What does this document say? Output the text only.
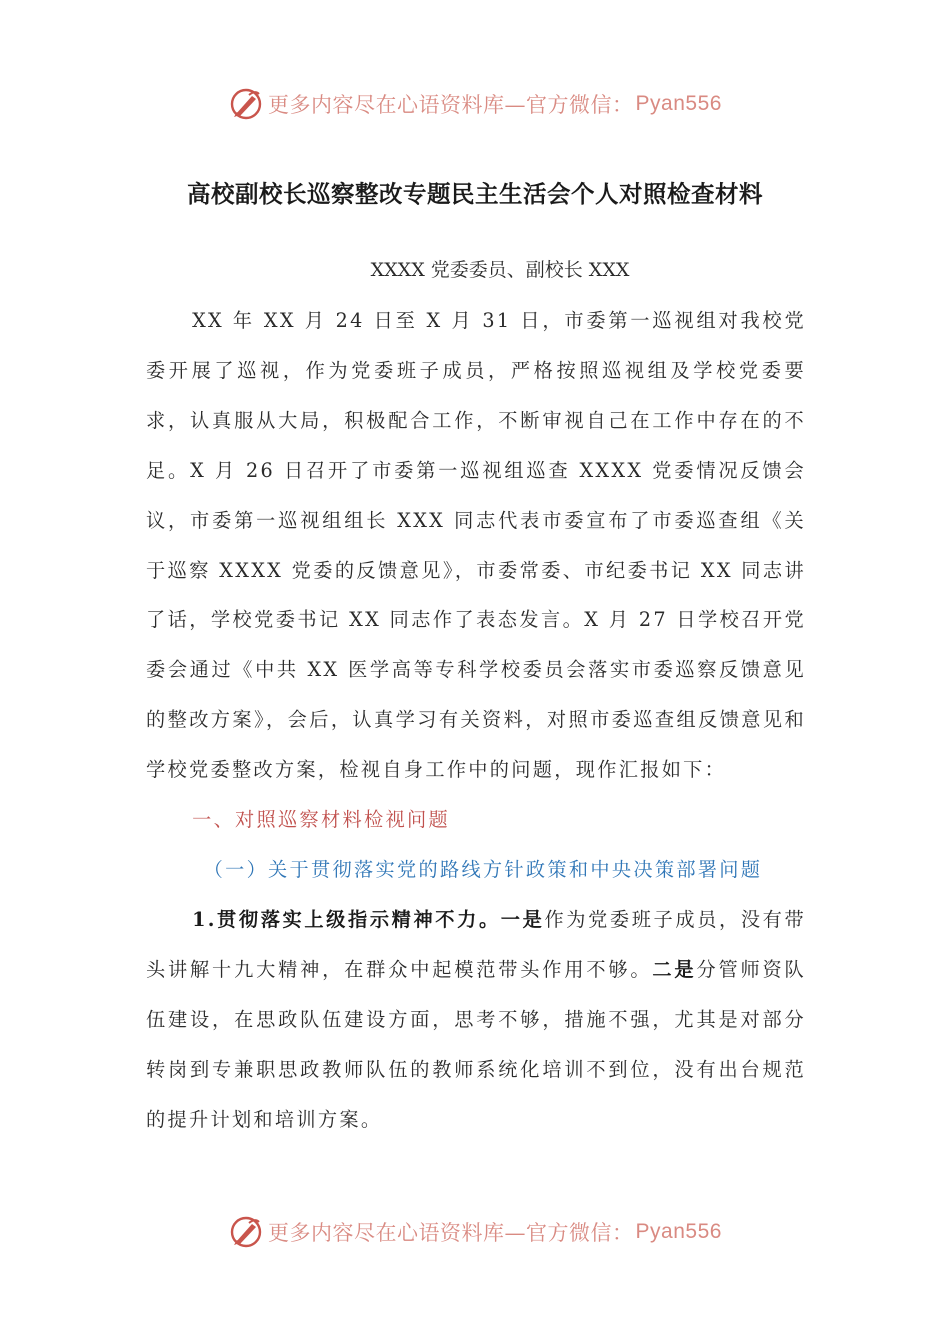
更多内容尽在心语资料库—官方微信： Pyan556
高校副校长巡察整改专题民主生活会个人对照检查材料
XXXX 党委委员、副校长 XXX

XX 年 XX 月 24 日至 X 月 31 日，市委第一巡视组对我校党委开展了巡视，作为党委班子成员，严格按照巡视组及学校党委要求，认真服从大局，积极配合工作，不断审视自己在工作中存在的不足。X 月 26 日召开了市委第一巡视组巡查 XXXX 党委情况反馈会议，市委第一巡视组组长 XXX 同志代表市委宣布了市委巡查组《关于巡察 XXXX 党委的反馈意见》，市委常委、市纪委书记 XX 同志讲了话，学校党委书记 XX 同志作了表态发言。X 月 27 日学校召开党委会通过《中共 XX 医学高等专科学校委员会落实市委巡察反馈意见的整改方案》，会后，认真学习有关资料，对照市委巡查组反馈意见和学校党委整改方案，检视自身工作中的问题，现作汇报如下：

一、对照巡察材料检视问题

（一）关于贯彻落实党的路线方针政策和中央决策部署问题

1.贯彻落实上级指示精神不力。一是作为党委班子成员，没有带头讲解十九大精神，在群众中起模范带头作用不够。二是分管师资队伍建设，在思政队伍建设方面，思考不够，措施不强，尤其是对部分转岗到专兼职思政教师队伍的教师系统化培训不到位，没有出台规范的提升计划和培训方案。

更多内容尽在心语资料库—官方微信： Pyan556
